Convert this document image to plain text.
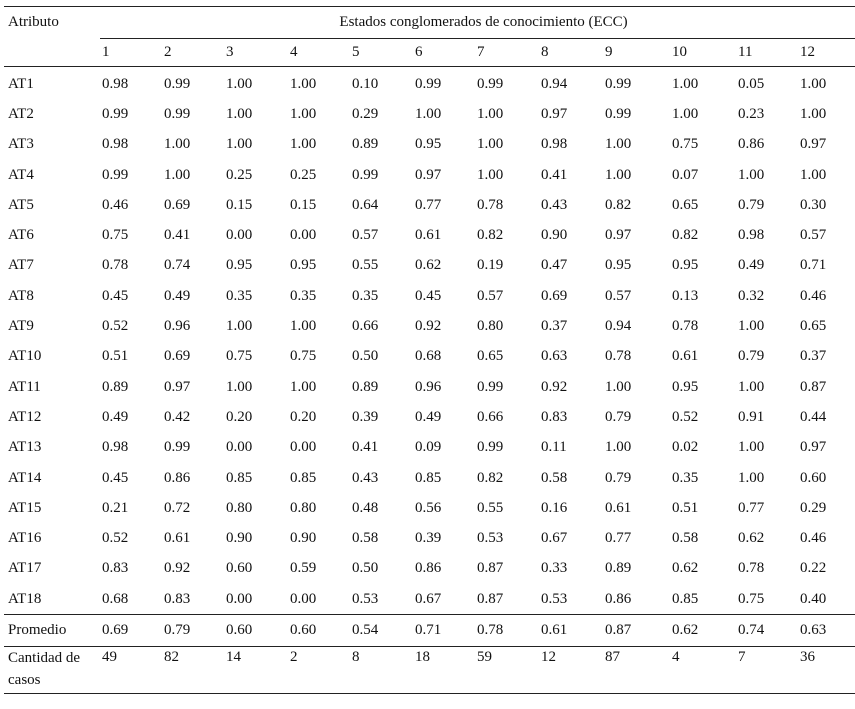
Atributo	Estados conglomerados de conocimiento (ECC)											
	1	2	3	4	5	6	7	8	9	10	11	12
AT1	0.98	0.99	1.00	1.00	0.10	0.99	0.99	0.94	0.99	1.00	0.05	1.00
AT2	0.99	0.99	1.00	1.00	0.29	1.00	1.00	0.97	0.99	1.00	0.23	1.00
AT3	0.98	1.00	1.00	1.00	0.89	0.95	1.00	0.98	1.00	0.75	0.86	0.97
AT4	0.99	1.00	0.25	0.25	0.99	0.97	1.00	0.41	1.00	0.07	1.00	1.00
AT5	0.46	0.69	0.15	0.15	0.64	0.77	0.78	0.43	0.82	0.65	0.79	0.30
AT6	0.75	0.41	0.00	0.00	0.57	0.61	0.82	0.90	0.97	0.82	0.98	0.57
AT7	0.78	0.74	0.95	0.95	0.55	0.62	0.19	0.47	0.95	0.95	0.49	0.71
AT8	0.45	0.49	0.35	0.35	0.35	0.45	0.57	0.69	0.57	0.13	0.32	0.46
AT9	0.52	0.96	1.00	1.00	0.66	0.92	0.80	0.37	0.94	0.78	1.00	0.65
AT10	0.51	0.69	0.75	0.75	0.50	0.68	0.65	0.63	0.78	0.61	0.79	0.37
AT11	0.89	0.97	1.00	1.00	0.89	0.96	0.99	0.92	1.00	0.95	1.00	0.87
AT12	0.49	0.42	0.20	0.20	0.39	0.49	0.66	0.83	0.79	0.52	0.91	0.44
AT13	0.98	0.99	0.00	0.00	0.41	0.09	0.99	0.11	1.00	0.02	1.00	0.97
AT14	0.45	0.86	0.85	0.85	0.43	0.85	0.82	0.58	0.79	0.35	1.00	0.60
AT15	0.21	0.72	0.80	0.80	0.48	0.56	0.55	0.16	0.61	0.51	0.77	0.29
AT16	0.52	0.61	0.90	0.90	0.58	0.39	0.53	0.67	0.77	0.58	0.62	0.46
AT17	0.83	0.92	0.60	0.59	0.50	0.86	0.87	0.33	0.89	0.62	0.78	0.22
AT18	0.68	0.83	0.00	0.00	0.53	0.67	0.87	0.53	0.86	0.85	0.75	0.40
Promedio	0.69	0.79	0.60	0.60	0.54	0.71	0.78	0.61	0.87	0.62	0.74	0.63
Cantidad de casos	49	82	14	2	8	18	59	12	87	4	7	36
